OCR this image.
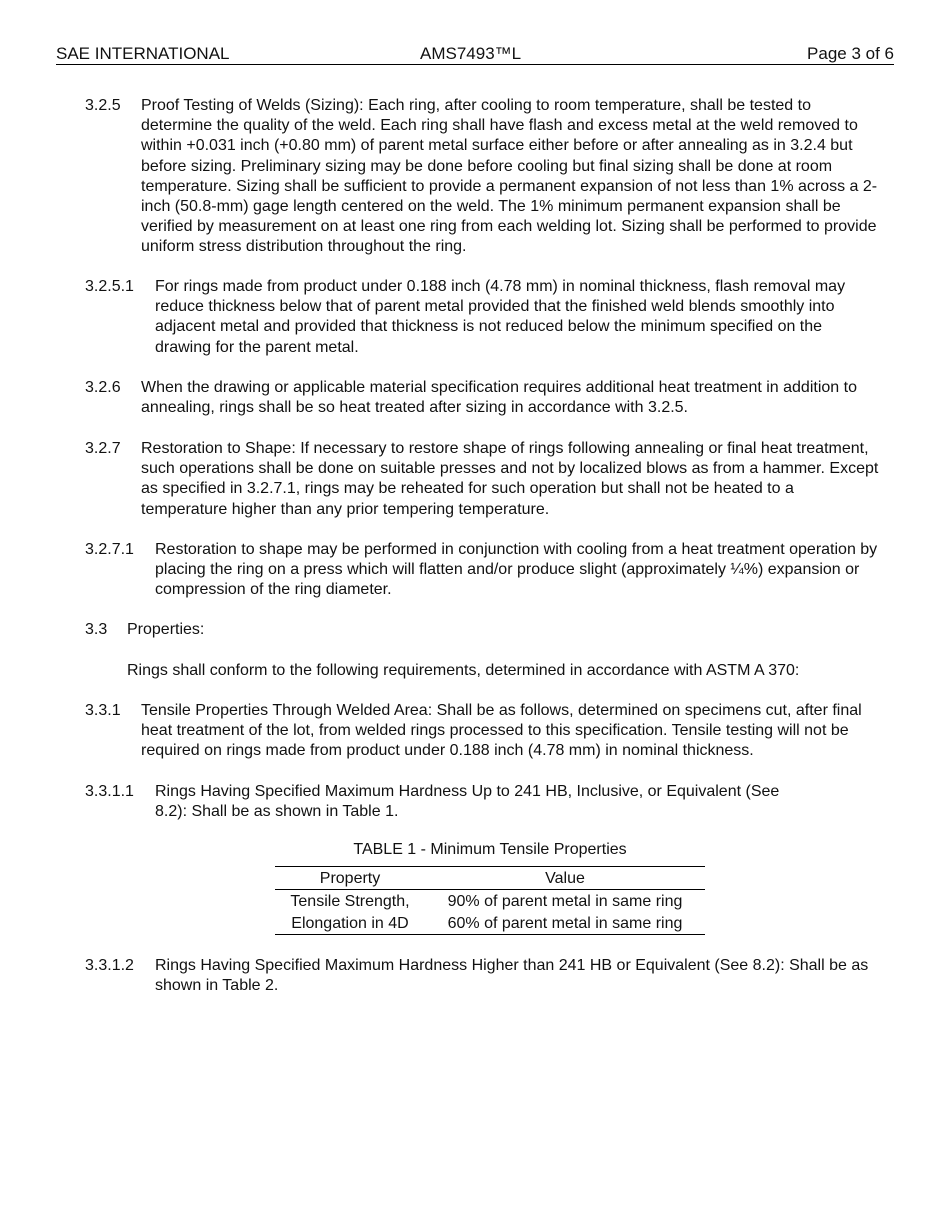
SAE INTERNATIONAL	AMS7493™L	Page 3 of 6
3.2.5 Proof Testing of Welds (Sizing): Each ring, after cooling to room temperature, shall be tested to determine the quality of the weld. Each ring shall have flash and excess metal at the weld removed to within +0.031 inch (+0.80 mm) of parent metal surface either before or after annealing as in 3.2.4 but before sizing. Preliminary sizing may be done before cooling but final sizing shall be done at room temperature. Sizing shall be sufficient to provide a permanent expansion of not less than 1% across a 2-inch (50.8-mm) gage length centered on the weld. The 1% minimum permanent expansion shall be verified by measurement on at least one ring from each welding lot. Sizing shall be performed to provide uniform stress distribution throughout the ring.
3.2.5.1 For rings made from product under 0.188 inch (4.78 mm) in nominal thickness, flash removal may reduce thickness below that of parent metal provided that the finished weld blends smoothly into adjacent metal and provided that thickness is not reduced below the minimum specified on the drawing for the parent metal.
3.2.6 When the drawing or applicable material specification requires additional heat treatment in addition to annealing, rings shall be so heat treated after sizing in accordance with 3.2.5.
3.2.7 Restoration to Shape: If necessary to restore shape of rings following annealing or final heat treatment, such operations shall be done on suitable presses and not by localized blows as from a hammer. Except as specified in 3.2.7.1, rings may be reheated for such operation but shall not be heated to a temperature higher than any prior tempering temperature.
3.2.7.1 Restoration to shape may be performed in conjunction with cooling from a heat treatment operation by placing the ring on a press which will flatten and/or produce slight (approximately ¼%) expansion or compression of the ring diameter.
3.3 Properties:
Rings shall conform to the following requirements, determined in accordance with ASTM A 370:
3.3.1 Tensile Properties Through Welded Area: Shall be as follows, determined on specimens cut, after final heat treatment of the lot, from welded rings processed to this specification. Tensile testing will not be required on rings made from product under 0.188 inch (4.78 mm) in nominal thickness.
3.3.1.1 Rings Having Specified Maximum Hardness Up to 241 HB, Inclusive, or Equivalent (See 8.2): Shall be as shown in Table 1.
TABLE 1 - Minimum Tensile Properties
Property	Value
Tensile Strength,	90% of parent metal in same ring
Elongation in 4D	60% of parent metal in same ring
3.3.1.2 Rings Having Specified Maximum Hardness Higher than 241 HB or Equivalent (See 8.2): Shall be as shown in Table 2.
